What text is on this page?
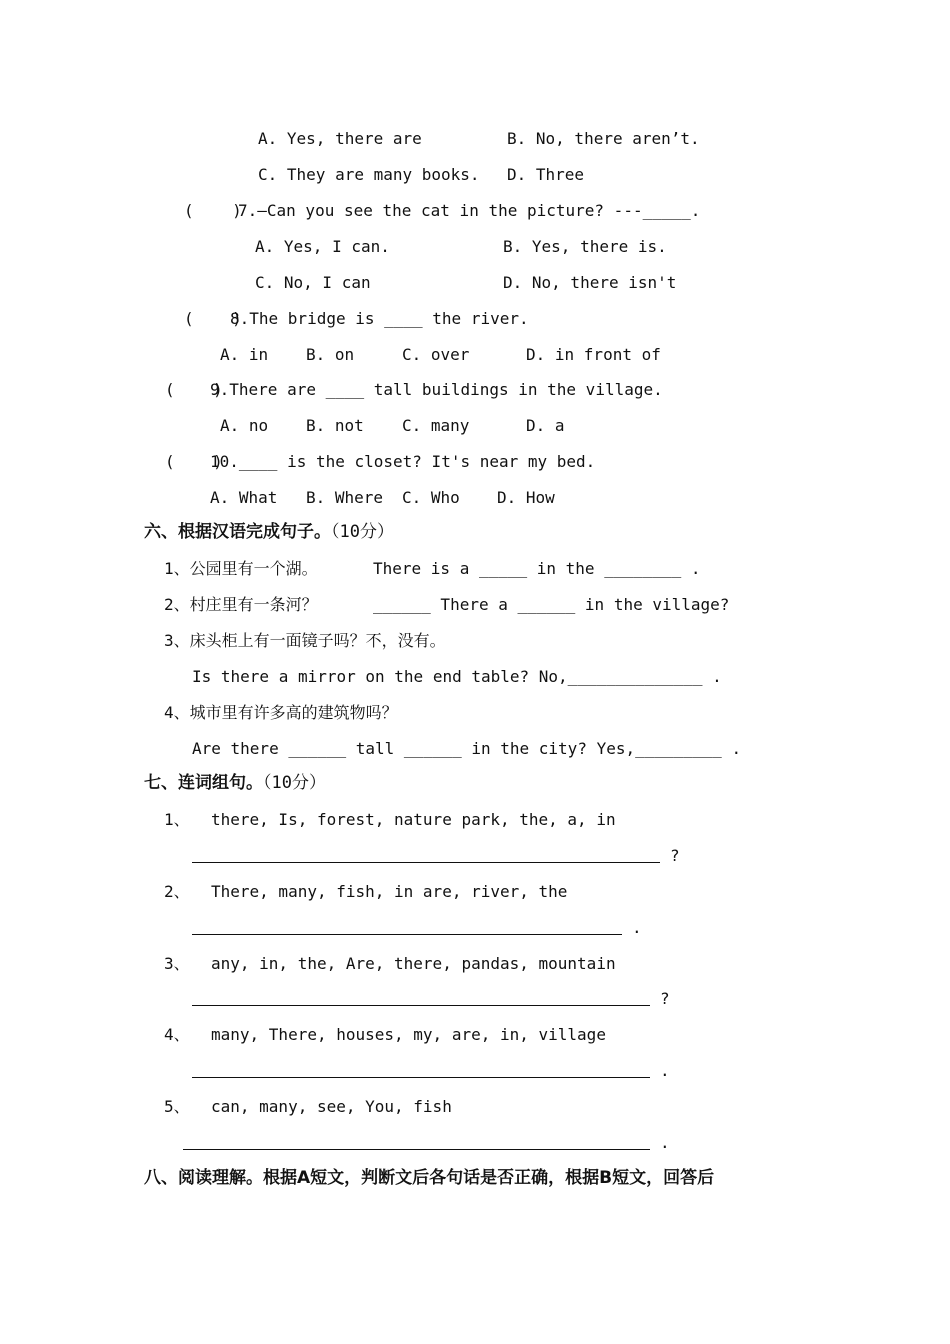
A. Yes, there are	B. No, there aren’t.
C. They are many books. D. Three
(    )
7.—Can you see the cat in the picture? ---_____.
A. Yes, I can.	B. Yes, there is.
C. No, I can	D. No, there isn't
(    )
8.The bridge is ____ the river.
A. in B. on	C. over	D. in front of
(    )
9.There are ____ tall buildings in the village.
A. no B. not C. many	D. a
(    )
10.____ is the closet? It's near my bed.
A. What B. Where C. Who D. How
六、根据汉语完成句子。（10分）
1、公园里有一个湖。	There is a _____ in the ________ .
2、村庄里有一条河？	______ There a ______ in the village?
3、床头柜上有一面镜子吗？不，没有。
Is there a mirror on the end table? No,______________ .
4、城市里有许多高的建筑物吗？
Are there ______ tall ______ in the city? Yes,_________ .
七、连词组句。（10分）
1、 there, Is, forest, nature park, the, a, in
?
2、 There, many, fish, in are, river, the
.
3、 any, in, the, Are, there, pandas, mountain
?
4、 many, There, houses, my, are, in, village
.
5、 can, many, see, You, fish
.
八、阅读理解。根据A短文，判断文后各句话是否正确，根据B短文，回答后
